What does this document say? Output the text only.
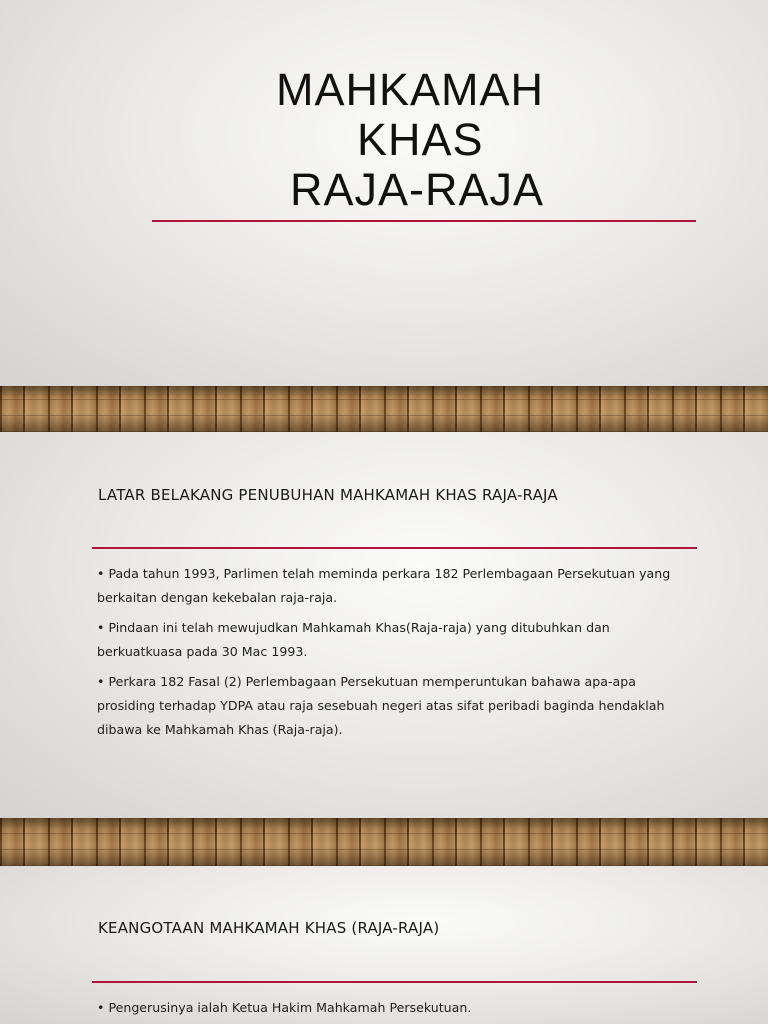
MAHKAMAH
KHAS
RAJA-RAJA
LATAR BELAKANG PENUBUHAN MAHKAMAH KHAS RAJA-RAJA
• Pada tahun 1993, Parlimen telah meminda perkara 182 Perlembagaan Persekutuan yang berkaitan dengan kekebalan raja-raja.
• Pindaan ini telah mewujudkan Mahkamah Khas(Raja-raja) yang ditubuhkan dan berkuatkuasa pada 30 Mac 1993.
• Perkara 182 Fasal (2) Perlembagaan Persekutuan memperuntukan bahawa apa-apa prosiding terhadap YDPA atau raja sesebuah negeri atas sifat peribadi baginda hendaklah dibawa ke Mahkamah Khas (Raja-raja).
KEANGOTAAN MAHKAMAH KHAS (RAJA-RAJA)
• Pengerusinya ialah Ketua Hakim Mahkamah Persekutuan.
